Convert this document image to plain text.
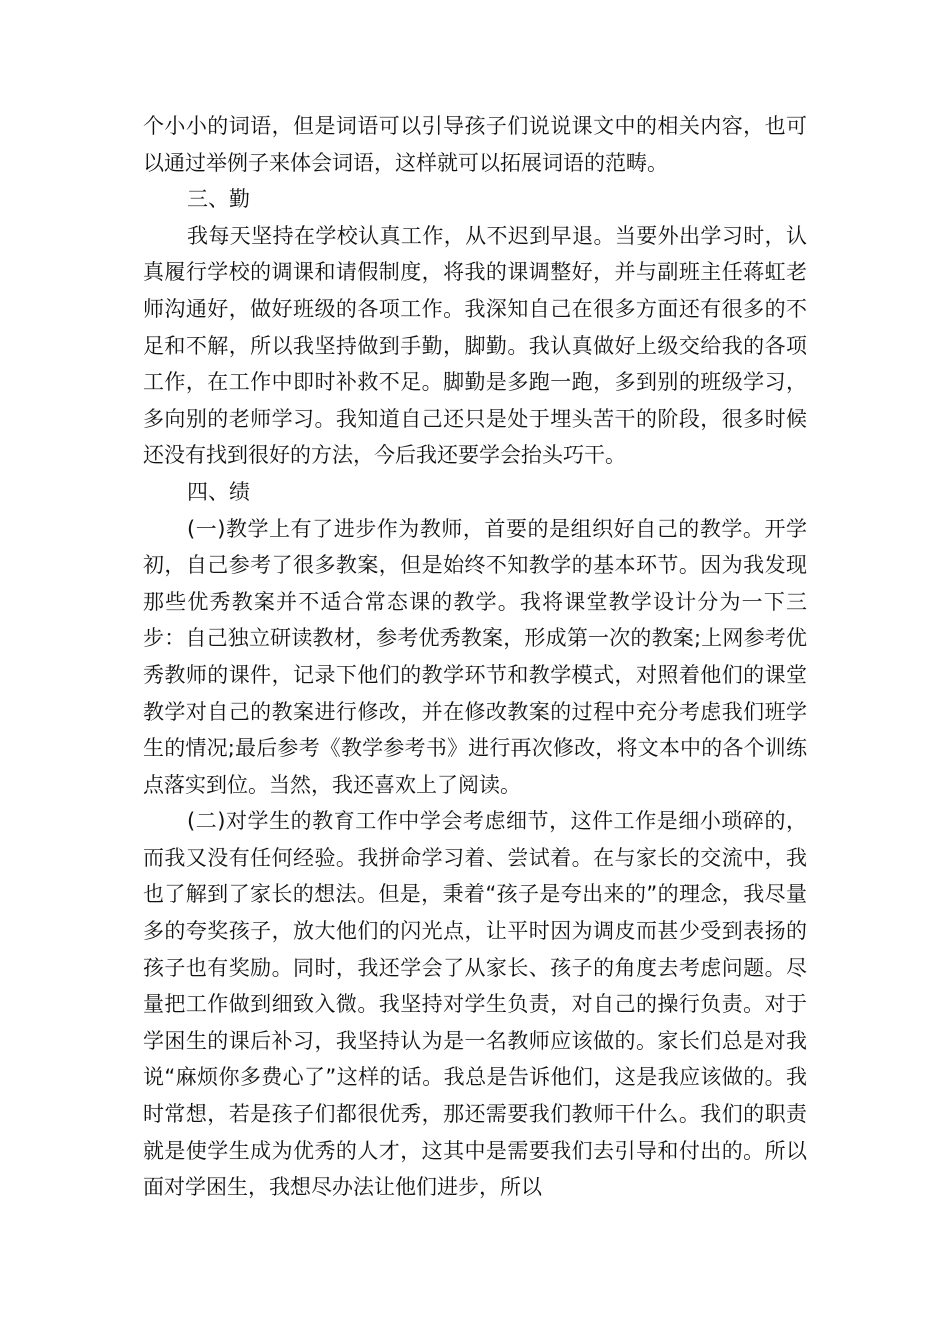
个小小的词语，但是词语可以引导孩子们说说课文中的相关内容，也可以通过举例子来体会词语，这样就可以拓展词语的范畴。

三、勤

我每天坚持在学校认真工作，从不迟到早退。当要外出学习时，认真履行学校的调课和请假制度，将我的课调整好，并与副班主任蒋虹老师沟通好，做好班级的各项工作。我深知自己在很多方面还有很多的不足和不解，所以我坚持做到手勤，脚勤。我认真做好上级交给我的各项工作，在工作中即时补救不足。脚勤是多跑一跑，多到别的班级学习，多向别的老师学习。我知道自己还只是处于埋头苦干的阶段，很多时候还没有找到很好的方法，今后我还要学会抬头巧干。

四、绩

(一)教学上有了进步作为教师，首要的是组织好自己的教学。开学初，自己参考了很多教案，但是始终不知教学的基本环节。因为我发现那些优秀教案并不适合常态课的教学。我将课堂教学设计分为一下三步：自己独立研读教材，参考优秀教案，形成第一次的教案;上网参考优秀教师的课件，记录下他们的教学环节和教学模式，对照着他们的课堂教学对自己的教案进行修改，并在修改教案的过程中充分考虑我们班学生的情况;最后参考《教学参考书》进行再次修改，将文本中的各个训练点落实到位。当然，我还喜欢上了阅读。

(二)对学生的教育工作中学会考虑细节，这件工作是细小琐碎的，而我又没有任何经验。我拼命学习着、尝试着。在与家长的交流中，我也了解到了家长的想法。但是，秉着“孩子是夸出来的”的理念，我尽量多的夸奖孩子，放大他们的闪光点，让平时因为调皮而甚少受到表扬的孩子也有奖励。同时，我还学会了从家长、孩子的角度去考虑问题。尽量把工作做到细致入微。我坚持对学生负责，对自己的操行负责。对于学困生的课后补习，我坚持认为是一名教师应该做的。家长们总是对我说“麻烦你多费心了”这样的话。我总是告诉他们，这是我应该做的。我时常想，若是孩子们都很优秀，那还需要我们教师干什么。我们的职责就是使学生成为优秀的人才，这其中是需要我们去引导和付出的。所以面对学困生，我想尽办法让他们进步，所以
